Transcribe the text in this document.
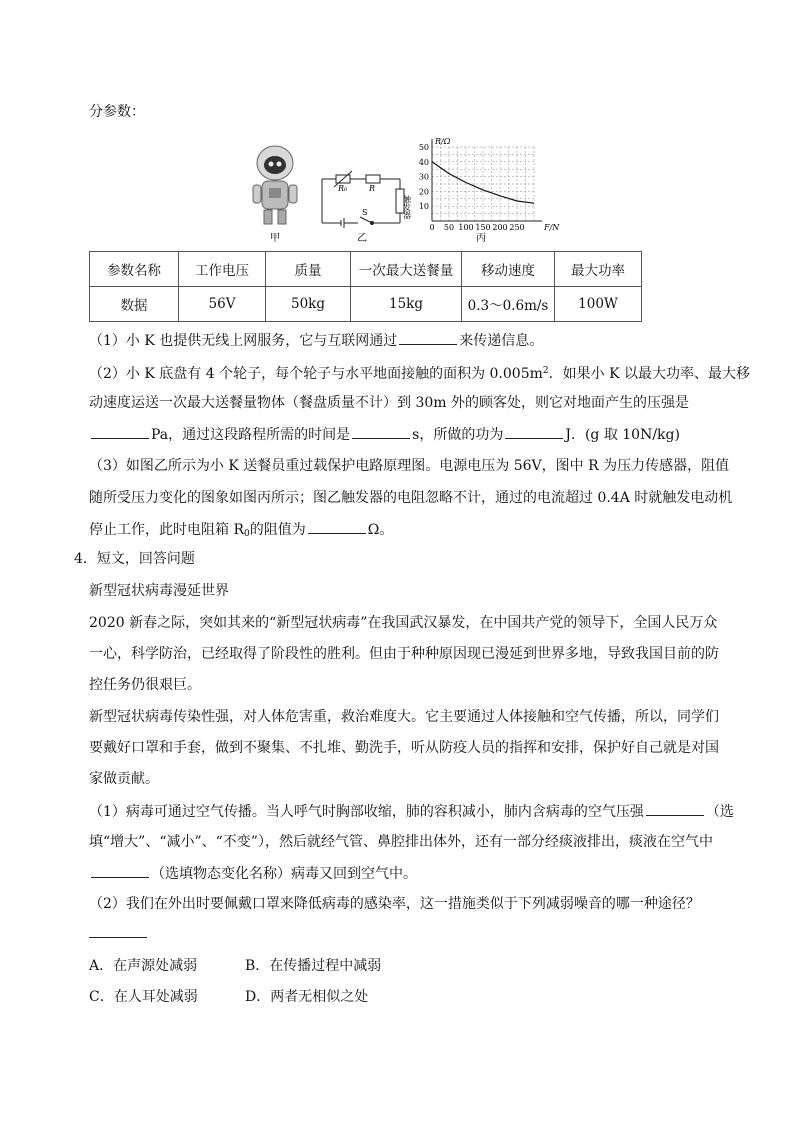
分参数：
甲
R₀	R
S	触发器
乙
0 50 100 150 200 250
10
20
30
40
50
R/Ω
F/N
丙
参数名称	工作电压	质量	一次最大送餐量	移动速度	最大功率
数据	56V	50kg	15kg	0.3～0.6m/s	100W
（1）小 K 也提供无线上网服务，它与互联网通过	来传递信息。
（2）小 K 底盘有 4 个轮子，每个轮子与水平地面接触的面积为 $0.005m^2$．如果小 K 以最大功率、最大移
动速度运送一次最大送餐量物体（餐盘质量不计）到 30m 外的顾客处，则它对地面产生的压强是
Pa，通过这段路程所需的时间是	s，所做的功为	J．(g 取 10N/kg)
（3）如图乙所示为小 K 送餐员重过载保护电路原理图。电源电压为 56V，图中 R 为压力传感器，阻值
随所受压力变化的图象如图丙所示；图乙触发器的电阻忽略不计，通过的电流超过 0.4A 时就触发电动机
停止工作，此时电阻箱 R0的阻值为	Ω。
4．短文，回答问题
新型冠状病毒漫延世界
2020 新春之际，突如其来的“新型冠状病毒”在我国武汉暴发，在中国共产党的领导下，全国人民万众
一心，科学防治，已经取得了阶段性的胜利。但由于种种原因现已漫延到世界多地，导致我国目前的防
控任务仍很艰巨。
新型冠状病毒传染性强，对人体危害重，救治难度大。它主要通过人体接触和空气传播，所以，同学们
要戴好口罩和手套，做到不聚集、不扎堆、勤洗手，听从防疫人员的指挥和安排，保护好自己就是对国
家做贡献。
（1）病毒可通过空气传播。当人呼气时胸部收缩，肺的容积减小，肺内含病毒的空气压强	（选
填“增大”、“减小”、“不变”），然后就经气管、鼻腔排出体外，还有一部分经痰液排出，痰液在空气中
（选填物态变化名称）病毒又回到空气中。
（2）我们在外出时要佩戴口罩来降低病毒的感染率，这一措施类似于下列减弱噪音的哪一种途径？
A．在声源处减弱	B．在传播过程中减弱
C．在人耳处减弱	D．两者无相似之处
